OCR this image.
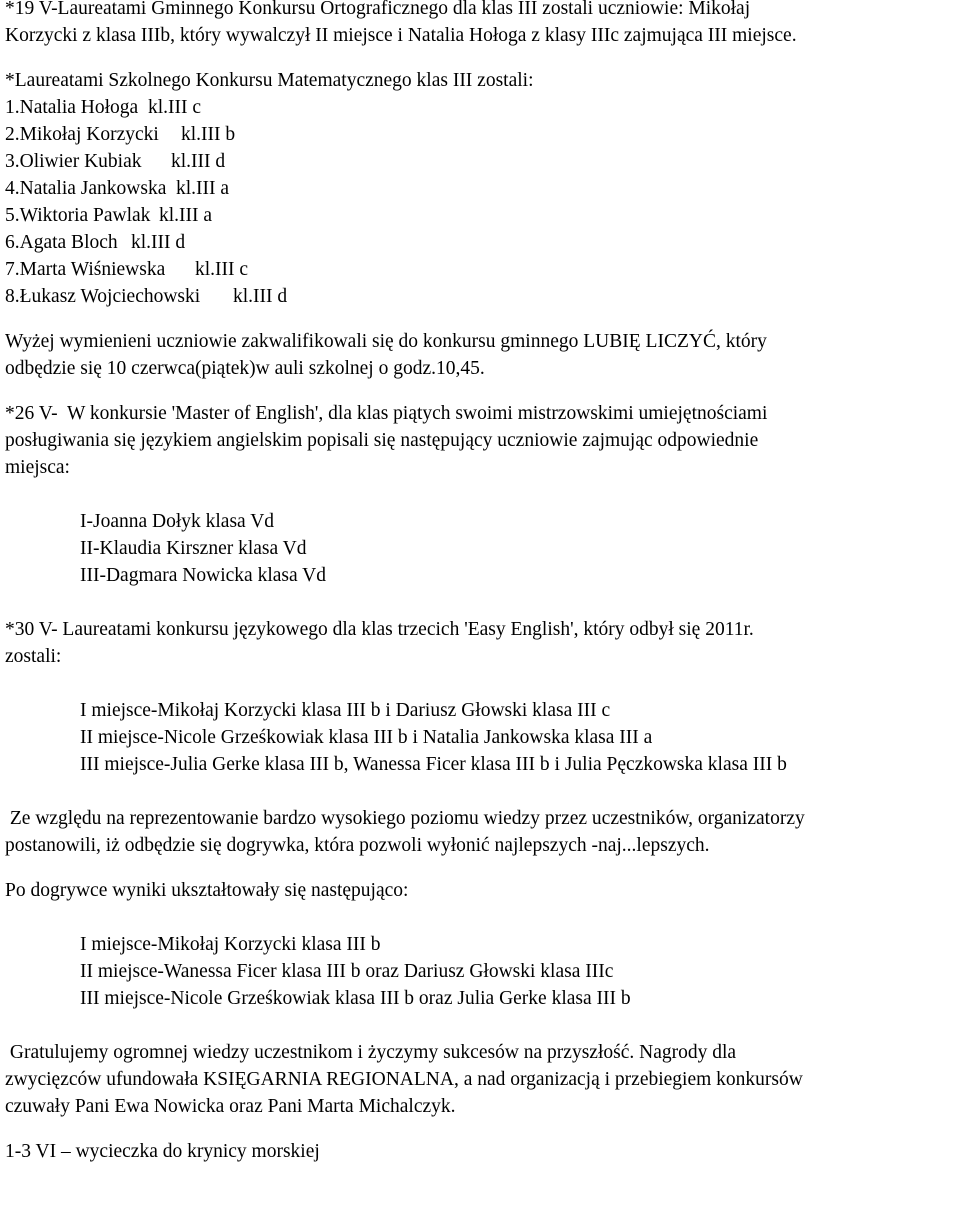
*19 V-Laureatami Gminnego Konkursu Ortograficznego dla klas III zostali uczniowie: Mikołaj
Korzycki z klasa IIIb, który wywalczył II miejsce i Natalia Hołoga z klasy IIIc zajmująca III miejsce.
*Laureatami Szkolnego Konkursu Matematycznego klas III zostali:
1.Natalia Hołoga kl.III c
2.Mikołaj Korzycki kl.III b
3.Oliwier Kubiak kl.III d
4.Natalia Jankowska kl.III a
5.Wiktoria Pawlak kl.III a
6.Agata Bloch kl.III d
7.Marta Wiśniewska kl.III c
8.Łukasz Wojciechowski kl.III d
Wyżej wymienieni uczniowie zakwalifikowali się do konkursu gminnego LUBIĘ LICZYĆ, który
odbędzie się 10 czerwca(piątek)w auli szkolnej o godz.10,45.
*26 V-  W konkursie 'Master of English', dla klas piątych swoimi mistrzowskimi umiejętnościami
posługiwania się językiem angielskim popisali się następujący uczniowie zajmując odpowiednie
miejsca:
I-Joanna Dołyk klasa Vd
II-Klaudia Kirszner klasa Vd
III-Dagmara Nowicka klasa Vd
*30 V- Laureatami konkursu językowego dla klas trzecich 'Easy English', który odbył się 2011r.
zostali:
I miejsce-Mikołaj Korzycki klasa III b i Dariusz Głowski klasa III c
II miejsce-Nicole Grześkowiak klasa III b i Natalia Jankowska klasa III a
III miejsce-Julia Gerke klasa III b, Wanessa Ficer klasa III b i Julia Pęczkowska klasa III b
Ze względu na reprezentowanie bardzo wysokiego poziomu wiedzy przez uczestników, organizatorzy
postanowili, iż odbędzie się dogrywka, która pozwoli wyłonić najlepszych -naj...lepszych.
Po dogrywce wyniki ukształtowały się następująco:
I miejsce-Mikołaj Korzycki klasa III b
II miejsce-Wanessa Ficer klasa III b oraz Dariusz Głowski klasa IIIc
III miejsce-Nicole Grześkowiak klasa III b oraz Julia Gerke klasa III b
Gratulujemy ogromnej wiedzy uczestnikom i życzymy sukcesów na przyszłość. Nagrody dla
zwycięzców ufundowała KSIĘGARNIA REGIONALNA, a nad organizacją i przebiegiem konkursów
czuwały Pani Ewa Nowicka oraz Pani Marta Michalczyk.
1-3 VI – wycieczka do krynicy morskiej
